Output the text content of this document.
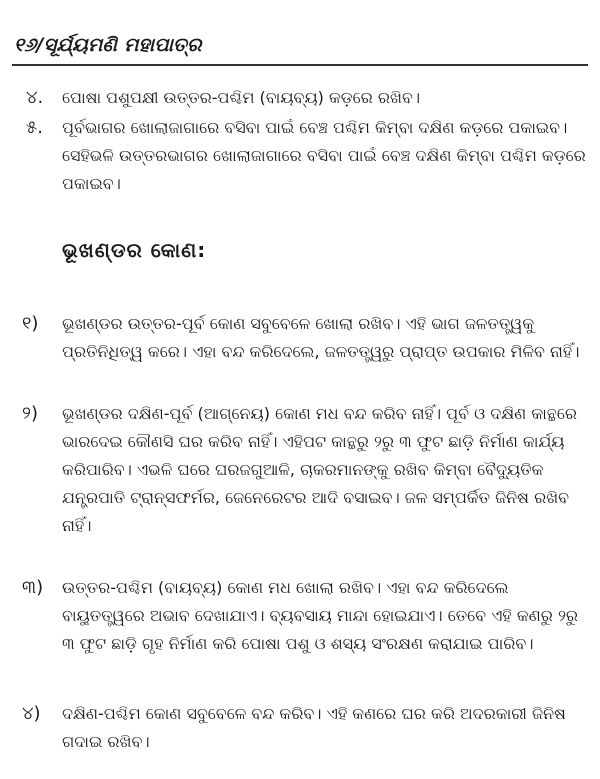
୧୬/ସୂର୍ଯ୍ୟମଣି ମହାପାତ୍ର
୪. ପୋଷା ପଶୁପକ୍ଷୀ ଉତ୍ତର-ପଶ୍ଚିମ (ବାୟବ୍ୟ) କଡ଼ରେ ରଖିବ।
୫. ପୂର୍ବଭାଗର ଖୋଲାଜାଗାରେ ବସିବା ପାଇଁ ବେଞ୍ଚ ପଶ୍ଚିମ କିମ୍ବା ଦକ୍ଷିଣ କଡ଼ରେ ପକାଇବ। ସେହିଭଳି ଉତ୍ତରଭାଗର ଖୋଲାଜାଗାରେ ବସିବା ପାଇଁ ବେଞ୍ଚ ଦକ୍ଷିଣ କିମ୍ବା ପଶ୍ଚିମ କଡ଼ରେ ପକାଇବ।
ଭୂଖଣ୍ଡର କୋଣ:
୧) ଭୂଖଣ୍ଡର ଉତ୍ତର-ପୂର୍ବ କୋଣ ସବୁବେଳେ ଖୋଲା ରଖିବ। ଏହି ଭାଗ ଜଳତତ୍ତ୍ୱକୁ ପ୍ରତିନିଧିତ୍ୱ କରେ। ଏହା ବନ୍ଦ କରିଦେଲେ, ଜଳତତ୍ତ୍ୱରୁ ପ୍ରାପ୍ତ ଉପକାର ମିଳିବ ନାହିଁ।
୨) ଭୂଖଣ୍ଡର ଦକ୍ଷିଣ-ପୂର୍ବ (ଆଗ୍ନେୟ) କୋଣ ମଧ ବନ୍ଦ କରିବ ନାହିଁ। ପୂର୍ବ ଓ ଦକ୍ଷିଣ କାନ୍ଥରେ ଭାରଦେଇ କୌଣସି ଘର କରିବ ନାହିଁ। ଏହିପଟ କାନ୍ଥରୁ ୨ରୁ ୩ ଫୁଟ ଛାଡ଼ି ନିର୍ମାଣ କାର୍ଯ୍ୟ କରିପାରିବ। ଏଭଳି ଘରେ ଘରଜଗୁଆଳି, ଚାକରମାନଙ୍କୁ ରଖିବ କିମ୍ବା ବୈଦ୍ୟୁତିକ ଯନ୍ତ୍ରପାତି ଟ୍ରାନ୍ସଫର୍ମର, ଜେନେରେଟର ଆଦି ବସାଇବ। ଜଳ ସମ୍ପର୍କିତ ଜିନିଷ ରଖିବ ନାହିଁ।
୩) ଉତ୍ତର-ପଶ୍ଚିମ (ବାୟବ୍ୟ) କୋଣ ମଧ ଖୋଲା ରଖିବ। ଏହା ବନ୍ଦ କରିଦେଲେ ବାୟୁତତ୍ତ୍ୱରେ ଅଭାବ ଦେଖାଯାଏ। ବ୍ୟବସାୟ ମାନ୍ଦା ହୋଇଯାଏ। ତେବେ ଏହି କଣରୁ ୨ରୁ ୩ ଫୁଟ ଛାଡ଼ି ଗୃହ ନିର୍ମାଣ କରି ପୋଷା ପଶୁ ଓ ଶସ୍ୟ ସଂରକ୍ଷଣ କରାଯାଇ ପାରିବ।
୪) ଦକ୍ଷିଣ-ପଶ୍ଚିମ କୋଣ ସବୁବେଳେ ବନ୍ଦ କରିବ। ଏହି କଣରେ ଘର କରି ଅଦରକାରୀ ଜିନିଷ ଗଦାଇ ରଖିବ।
